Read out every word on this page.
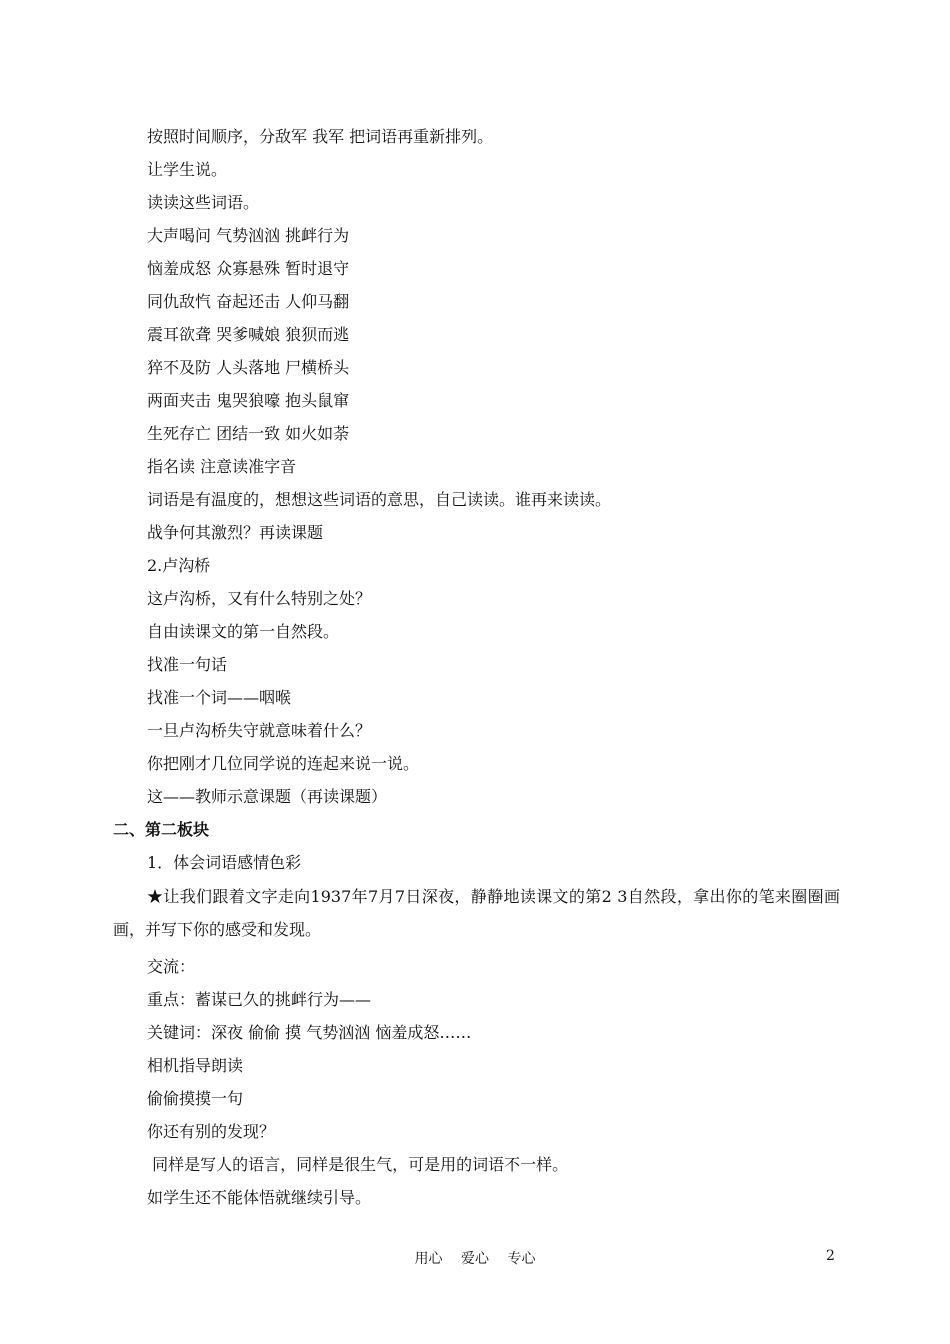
按照时间顺序，分敌军 我军 把词语再重新排列。
让学生说。
读读这些词语。
大声喝问 气势汹汹 挑衅行为
恼羞成怒 众寡悬殊 暂时退守
同仇敌忾 奋起还击 人仰马翻
震耳欲聋 哭爹喊娘 狼狈而逃
猝不及防 人头落地 尸横桥头
两面夹击 鬼哭狼嚎 抱头鼠窜
生死存亡 团结一致 如火如荼
指名读 注意读准字音
词语是有温度的，想想这些词语的意思，自己读读。谁再来读读。
战争何其激烈？再读课题
2.卢沟桥
这卢沟桥，又有什么特别之处？
自由读课文的第一自然段。
找准一句话
找准一个词——咽喉
一旦卢沟桥失守就意味着什么？
你把刚才几位同学说的连起来说一说。
这——教师示意课题（再读课题）
二、第二板块
1．体会词语感情色彩
★让我们跟着文字走向1937年7月7日深夜，静静地读课文的第2 3自然段，拿出你的笔来圈圈画画，并写下你的感受和发现。
交流：
重点：蓄谋已久的挑衅行为——
关键词：深夜 偷偷 摸 气势汹汹 恼羞成怒……
相机指导朗读
偷偷摸摸一句
你还有别的发现？
同样是写人的语言，同样是很生气，可是用的词语不一样。
如学生还不能体悟就继续引导。
用心 爱心 专心	2
